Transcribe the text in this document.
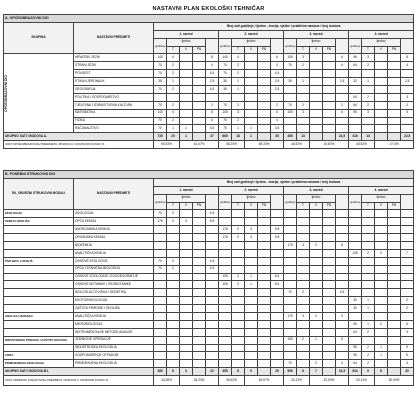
NASTAVNI PLAN EKOLOŠKI TEHNIČAR
A. OPĆEOBRAZOVNI DIO																					
SKUPINA	NASTAVNI PREDMETI	Broj sati godišnje i tjedno - teorija, vježbe i praktična nastava / broj bodova																			
		1. razred					2. razred					3. razred					4. razred				
		godišnje	tjedno				godišnje	tjedno				godišnje	tjedno				godišnje	tjedno			
			T	V	PN			T	V	PN			T	V	PN			T	V	PN	

OPĆEOBRAZOVNI DIO	HRVATSKI JEZIK	140	4			8	140	4			6	105	3			6	96	3			6
	STRANI JEZIK	70	2			4	70	2			4	70	2			4	64	2			4
	POVIJEST	70	2			4,5	70	2			4,5										
	ETIKA/VJERONAUK	35	1			2,5	35	1			2,5	35	1			2,5	32	1			2,5
	GEOGRAFIJA	70	2			4,5	35	1			2,5										
	POLITIKA I GOSPODARSTVO																64	2			4
	TJELESNA I ZDRAVSTVENA KULTURA	70	2			2	70	2			2	70	2			2	64	2			2
	MATEMATIKA	140	4			8	105	3			6	105	3			6	96	3			6
	FIZIKA	70	2			4	70	2			4										
	RAČUNALSTVO	70	1	1		3,5	70	1	1		3,5										
UKUPNO SATI I BODOVA A.		735	20	1		37	665	18	1		35	455	13			24,5	416	13			22,5
UDIO OPĆEOBRAZOVNIH PREDMETA / BODOVA U UKUPNOM FONDU %		65,63%		61,67%			58,33%		58,33%			40,63%		40,83%			40,63%		37,5%		
B. POSEBNI STRUKOVNI DIO																					
SK. OBVEZNI STRUKOVNI MODULI	NASTAVNI PREDMETI	Broj sati godišnje i tjedno - teorija, vježbe i praktična nastava / broj bodova																			
		1. razred					2. razred					3. razred					4. razred				
		godišnje	tjedno				godišnje	tjedno				godišnje	tjedno				godišnje	tjedno			
			T	V	PN			T	V	PN			T	V	PN			T	V	PN	
EKOLOGIJA	GEOLOGIJA	70	2			4,5															
KEMIJA OKOLIŠA	OPĆA KEMIJA	175	2	3		9,5															
	ANORGANSKA KEMIJA						175	2	3		9,5										
	ORGANSKA KEMIJA						175	2	3		9,5										
	BIOKEMIJA											175	3	2		8					
	ANALITIČKA KEMIJA																128	2	2		7
ŽIVA BIĆA I OKOLIŠ	OSNOVE EKOLOGIJE	70	2			4,5															
	OPĆA I STANIČNA BIOLOGIJA	70	2			4,5															
	OSNOVE ZOOLOGIJE I ZOOGEOGRAFIJE						105	2	1		5,5										
	OSNOVE BOTANIKE I GEOBOTANIKE						105	2	1		5,5										
	BIOLOGIJA ČOVJEKA I GENETIKA											70	2			4,5					
	EKOTOKSIKOLOGIJA																32	1			2
	ZAŠTITA PRIRODE I OKOLIŠA																32	1			2
ANALIZA UZORAKA	ANALITIČKA KEMIJA											175	3	2		9					
	MIKROBIOLOGIJA																96	1	2		5
	INSTRUMENTALNE METODE ANALIZE																64	2			3
INDUSTRIJSKI PROCESI I ZAŠTITA OKOLIŠA	JEDINIČNE OPERACIJE											105	2	1		5					
	INDUSTRIJSKA EKOLOGIJA																96	2	1		5
VODA	GOSPODARENJE OTPADOM																96	2	1		5
PRIMIJENJENA EKOLOGIJA	PRIMIJENJENA EKOLOGIJA											70		2		4	64	2			4
UKUPNO SATI I BODOVA B1.		385	8	3		22	455	8	5		25	595	8	7		31,5	544	9	8		30
UDIO OBVEZNIH STRUKOVNIH PREDMETA / BODOVA U UKUPNOM FONDU %		34,38%		36,33%			40,63%		45,67%			53,13%		52,50%			53,13%		50,00%		
